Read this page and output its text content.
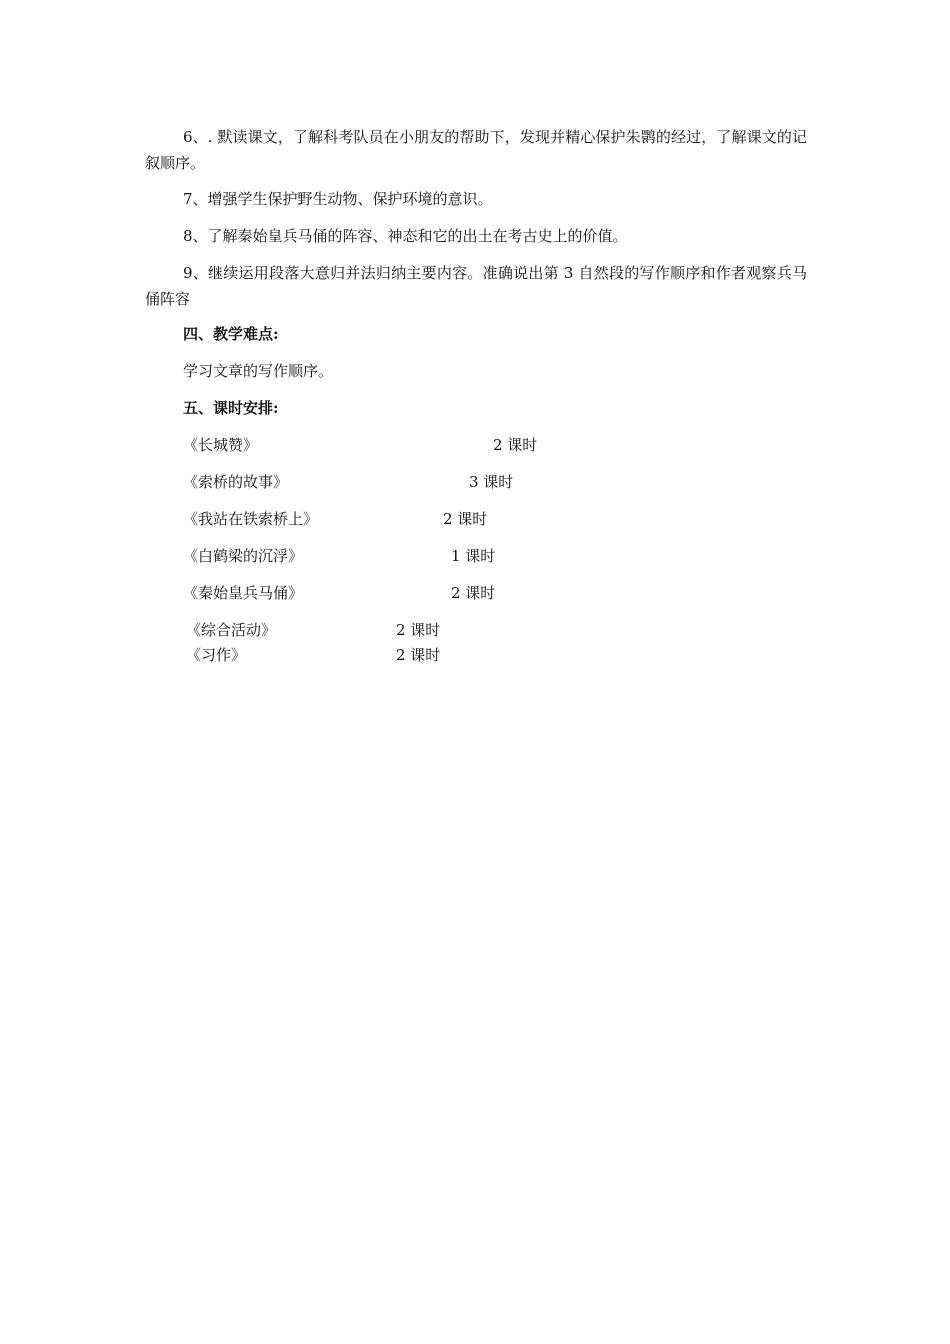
6、. 默读课文，了解科考队员在小朋友的帮助下，发现并精心保护朱鹮的经过，了解课文的记叙顺序。

7、增强学生保护野生动物、保护环境的意识。

8、了解秦始皇兵马俑的阵容、神态和它的出土在考古史上的价值。

9、继续运用段落大意归并法归纳主要内容。准确说出第 3 自然段的写作顺序和作者观察兵马俑阵容

四、教学难点:

学习文章的写作顺序。

五、课时安排:

《长城赞》	2 课时
《索桥的故事》	3 课时
《我站在铁索桥上》	2 课时
《白鹤梁的沉浮》	1 课时
《秦始皇兵马俑》	2 课时
《综合活动》	2 课时
《习作》	2 课时
